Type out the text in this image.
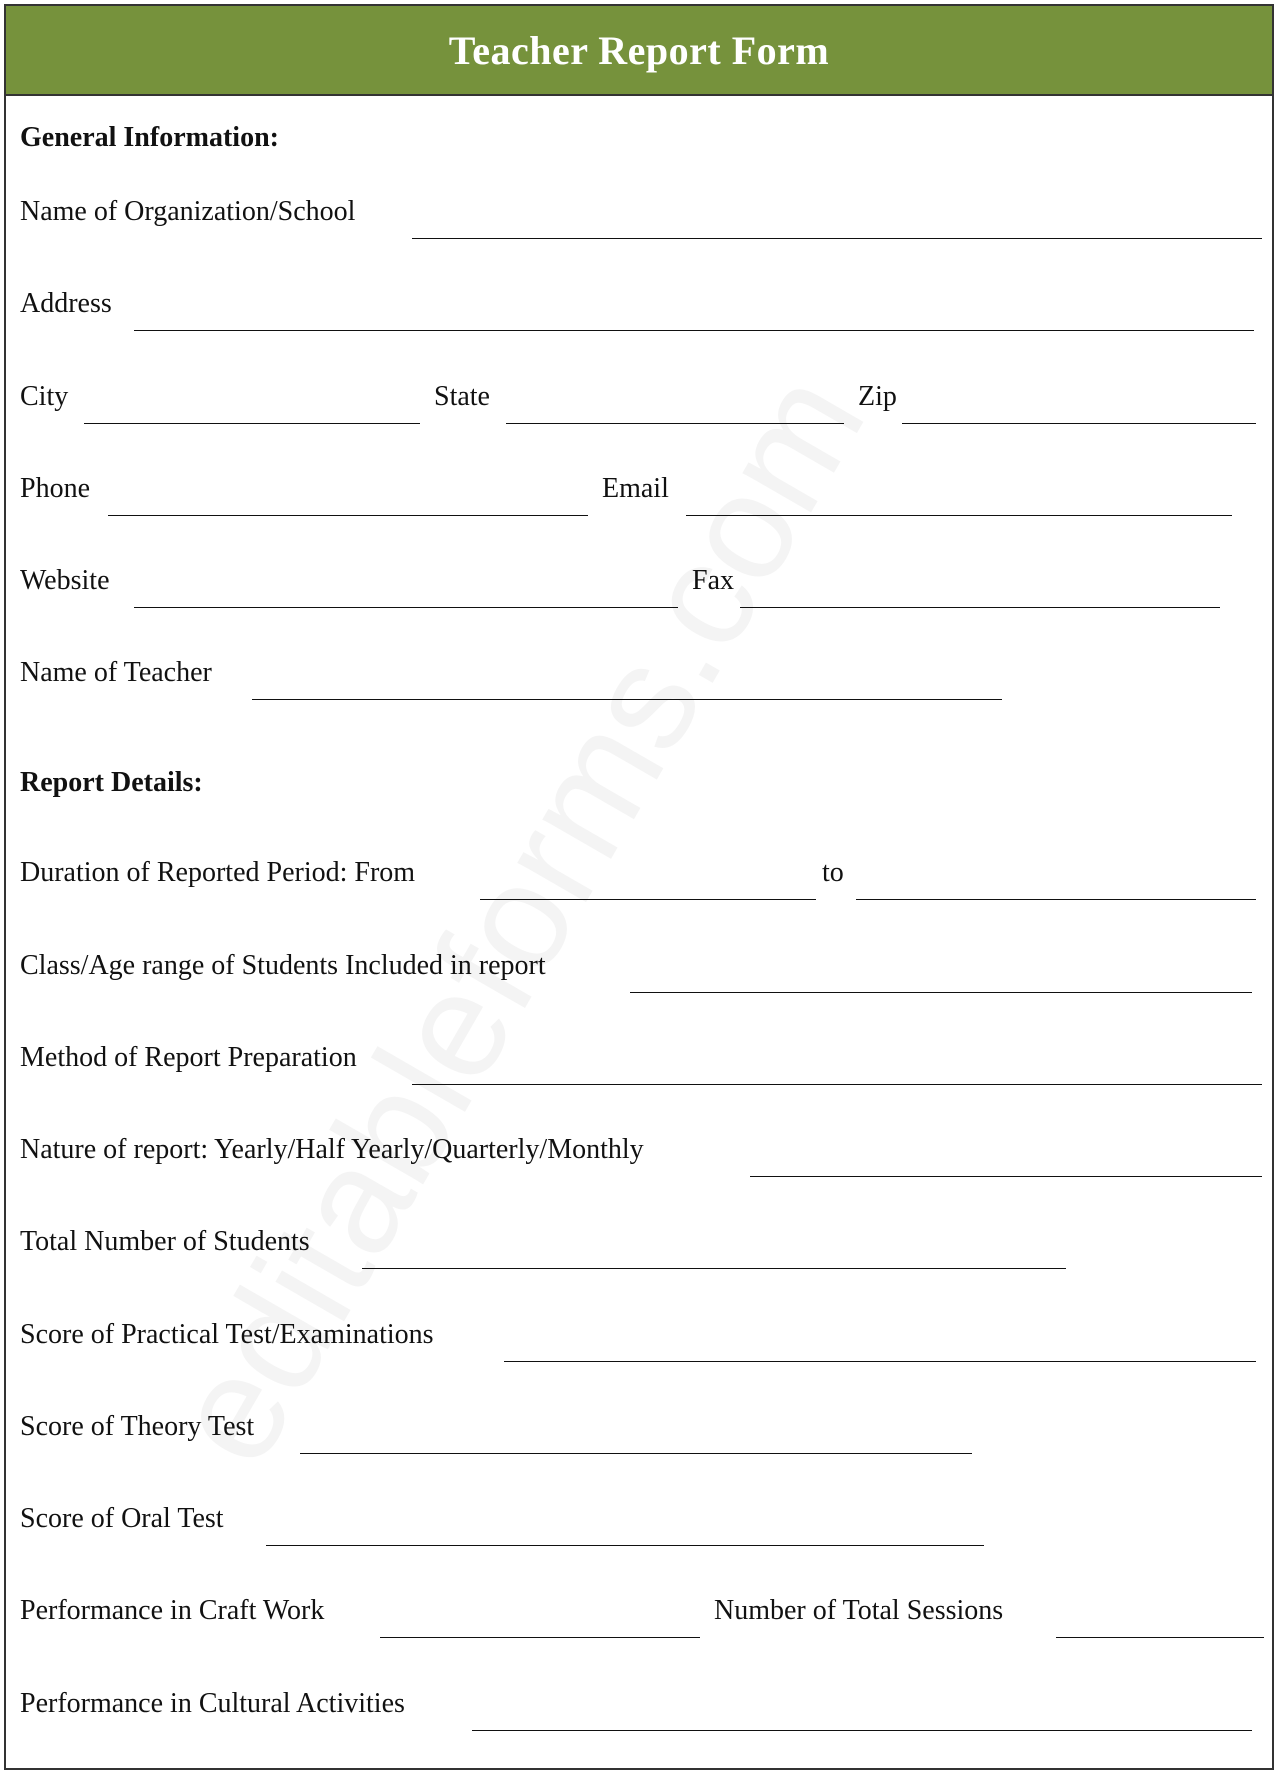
Teacher Report Form
General Information:
Name of Organization/School
Address
City	State	Zip
Phone	Email
Website	Fax
Name of Teacher
Report Details:
Duration of Reported Period: From	to
Class/Age range of Students Included in report
Method of Report Preparation
Nature of report: Yearly/Half Yearly/Quarterly/Monthly
Total Number of Students
Score of Practical Test/Examinations
Score of Theory Test
Score of Oral Test
Performance in Craft Work	Number of Total Sessions
Performance in Cultural Activities
